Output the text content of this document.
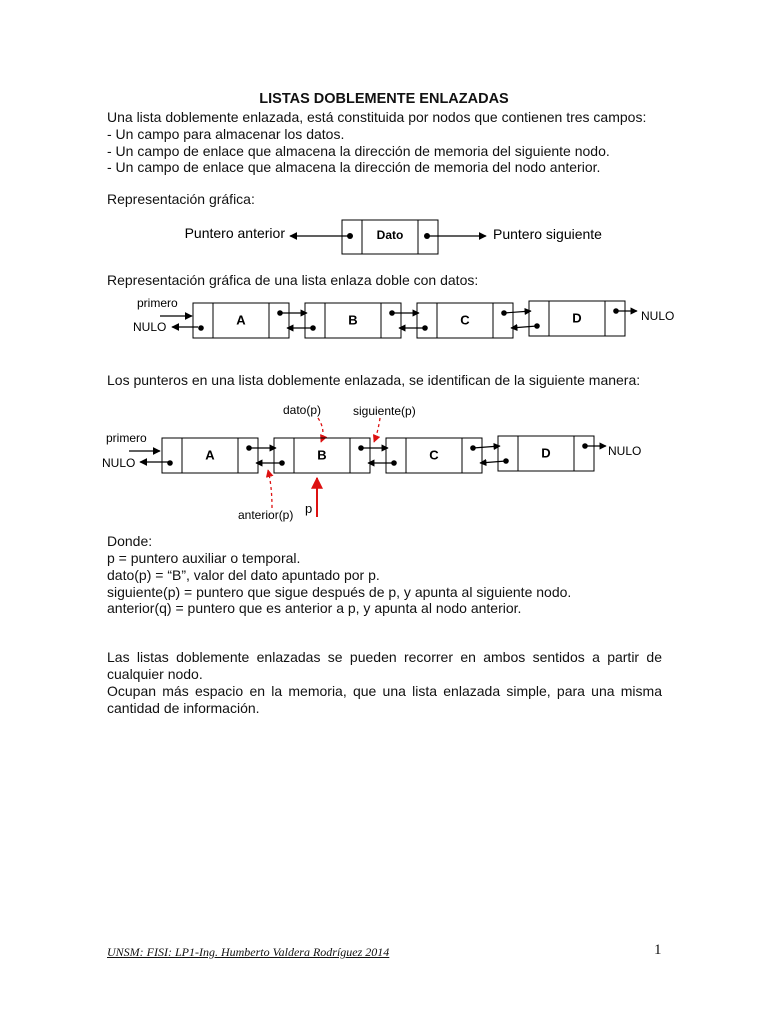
LISTAS DOBLEMENTE ENLAZADAS
Una lista doblemente enlazada, está constituida por nodos que contienen tres campos:
- Un campo para almacenar los datos.
- Un campo de enlace que almacena la dirección de memoria del siguiente nodo.
- Un campo de enlace que almacena la dirección de memoria del nodo anterior.
Representación gráfica:
Dato
Puntero anterior	Puntero siguiente
primero
NULO
NULO
A	B	C	D
primero
NULO
NULO
dato(p)	siguiente(p)
anterior(p) p
A	B	C	D
Representación gráfica de una lista enlaza doble con datos:
Los punteros en una lista doblemente enlazada, se identifican de la siguiente manera:
Donde:
p = puntero auxiliar o temporal.
dato(p) = “B”, valor del dato apuntado por p.
siguiente(p) = puntero que sigue después de p, y apunta al siguiente nodo.
anterior(q) = puntero que es anterior a p, y apunta al nodo anterior.
Las listas doblemente enlazadas se pueden recorrer en ambos sentidos a partir de cualquier nodo.
Ocupan más espacio en la memoria, que una lista enlazada simple, para una misma cantidad de información.
UNSM: FISI: LP1-Ing. Humberto Valdera Rodríguez 2014	1
